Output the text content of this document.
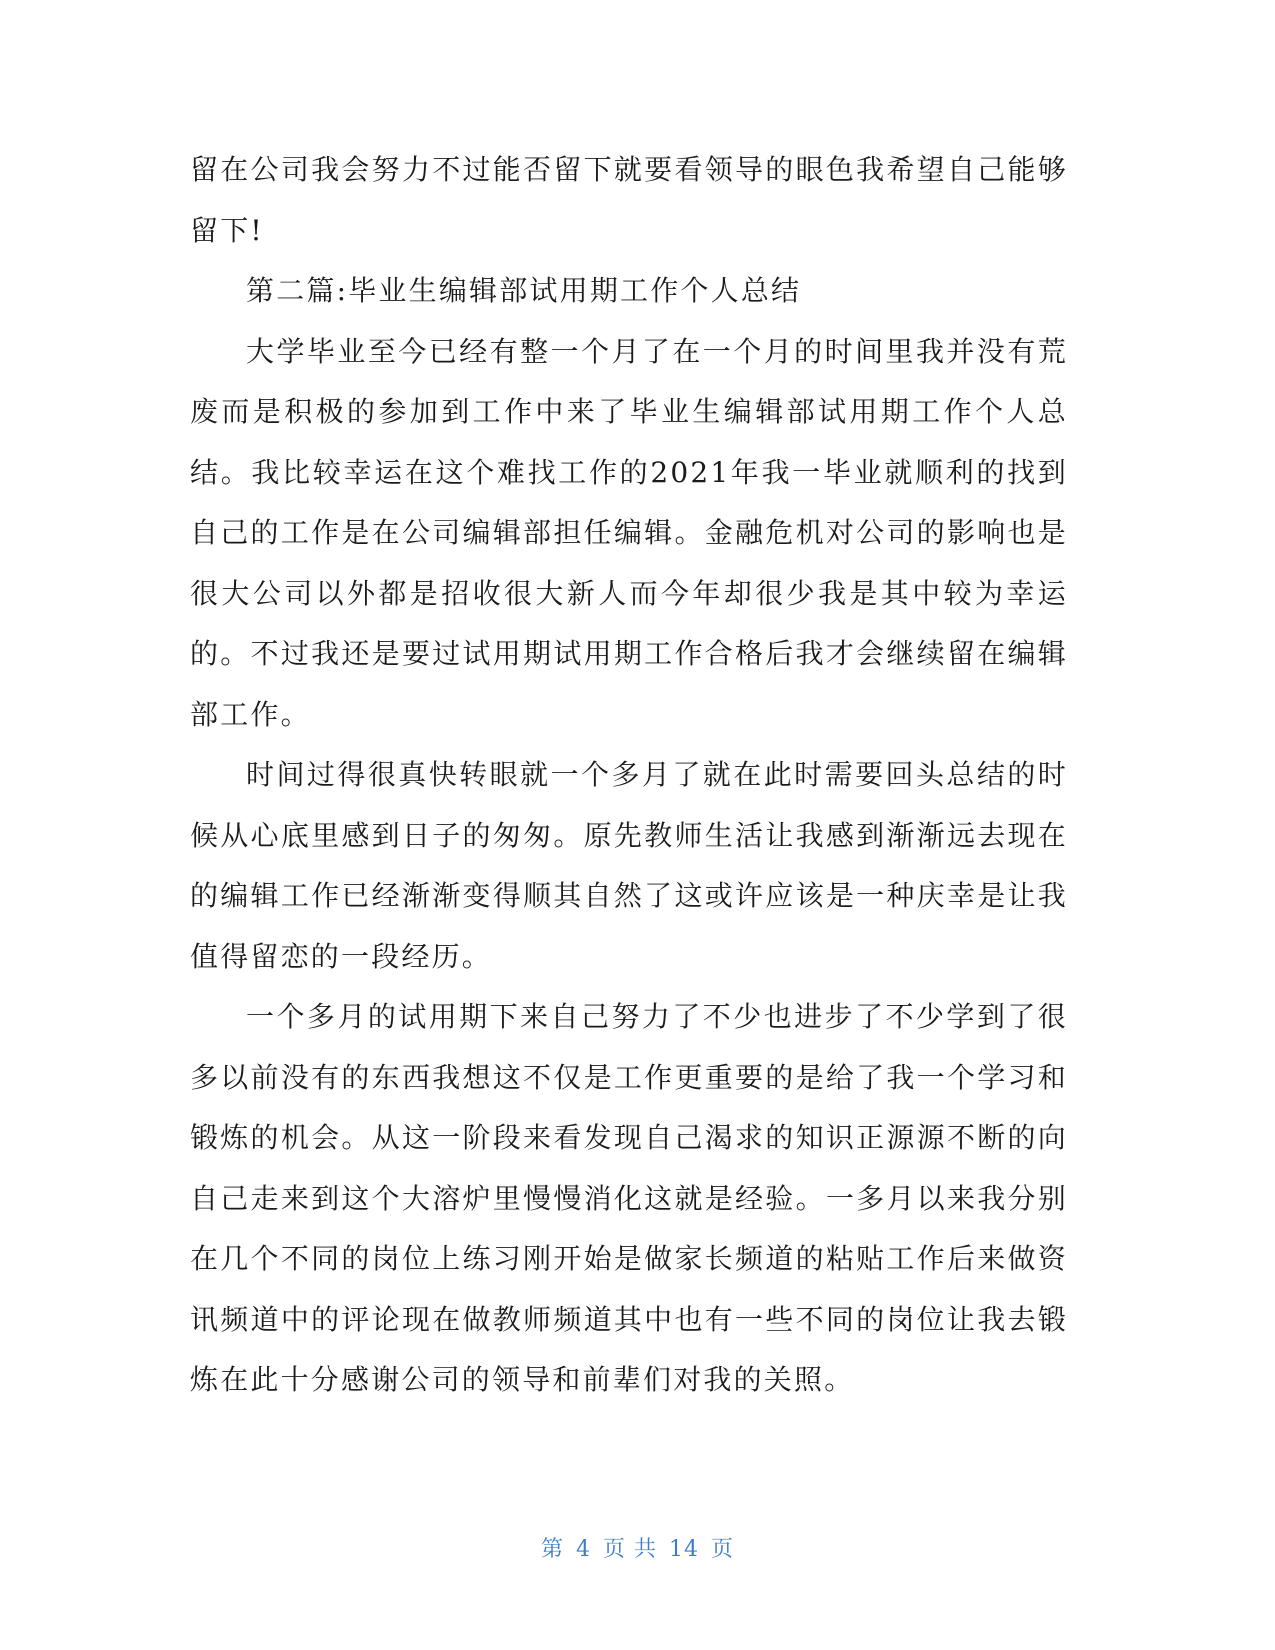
留在公司我会努力不过能否留下就要看领导的眼色我希望自己能够留下!

第二篇:毕业生编辑部试用期工作个人总结

大学毕业至今已经有整一个月了在一个月的时间里我并没有荒废而是积极的参加到工作中来了毕业生编辑部试用期工作个人总结。我比较幸运在这个难找工作的2021年我一毕业就顺利的找到自己的工作是在公司编辑部担任编辑。金融危机对公司的影响也是很大公司以外都是招收很大新人而今年却很少我是其中较为幸运的。不过我还是要过试用期试用期工作合格后我才会继续留在编辑部工作。

时间过得很真快转眼就一个多月了就在此时需要回头总结的时候从心底里感到日子的匆匆。原先教师生活让我感到渐渐远去现在的编辑工作已经渐渐变得顺其自然了这或许应该是一种庆幸是让我值得留恋的一段经历。

一个多月的试用期下来自己努力了不少也进步了不少学到了很多以前没有的东西我想这不仅是工作更重要的是给了我一个学习和锻炼的机会。从这一阶段来看发现自己渴求的知识正源源不断的向自己走来到这个大溶炉里慢慢消化这就是经验。一多月以来我分别在几个不同的岗位上练习刚开始是做家长频道的粘贴工作后来做资讯频道中的评论现在做教师频道其中也有一些不同的岗位让我去锻炼在此十分感谢公司的领导和前辈们对我的关照。

第 4 页 共 14 页
